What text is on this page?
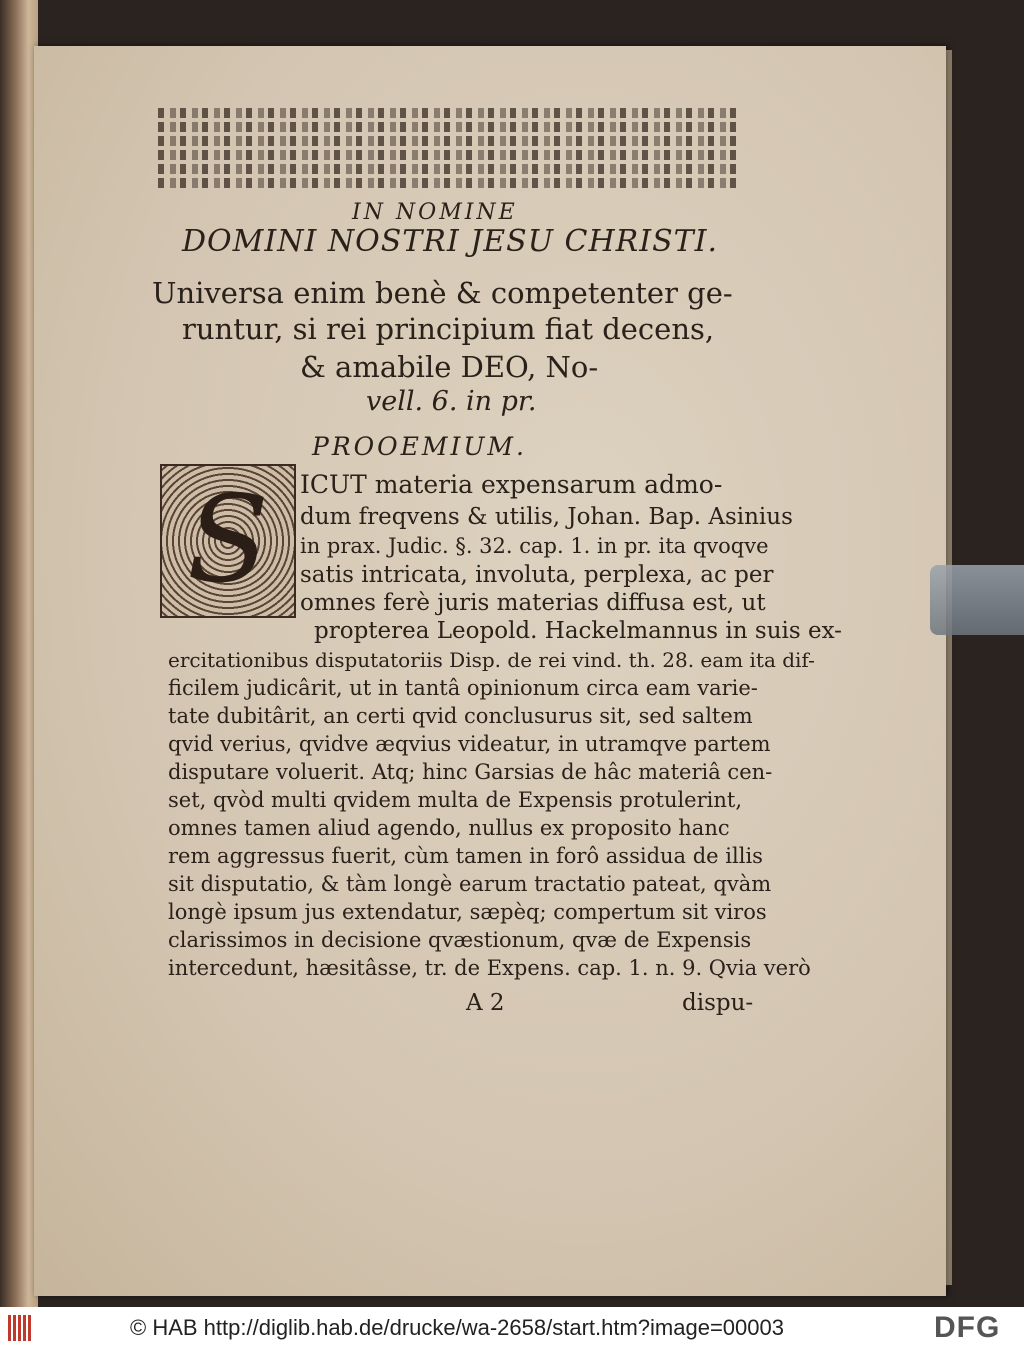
IN NOMINE
DOMINI NOSTRI JESU CHRISTI.
Universa enim benè & competenter ge-
runtur, si rei principium fiat decens,
& amabile DEO, No-
vell. 6. in pr.
PROOEMIUM.
S ICUT materia expensarum admo-
dum freqvens & utilis, Johan. Bap. Asinius
in prax. Judic. §. 32. cap. 1. in pr. ita qvoqve
satis intricata, involuta, perplexa, ac per
omnes ferè juris materias diffusa est, ut
propterea Leopold. Hackelmannus in suis ex-
ercitationibus disputatoriis Disp. de rei vind. th. 28. eam ita dif-
ficilem judicârit, ut in tantâ opinionum circa eam varie-
tate dubitârit, an certi qvid conclusurus sit, sed saltem
qvid verius, qvidve æqvius videatur, in utramqve partem
disputare voluerit. Atq; hinc Garsias de hâc materiâ cen-
set, qvòd multi qvidem multa de Expensis protulerint,
omnes tamen aliud agendo, nullus ex proposito hanc
rem aggressus fuerit, cùm tamen in forô assidua de illis
sit disputatio, & tàm longè earum tractatio pateat, qvàm
longè ipsum jus extendatur, sæpèq; compertum sit viros
clarissimos in decisione qvæstionum, qvæ de Expensis
intercedunt, hæsitâsse, tr. de Expens. cap. 1. n. 9. Qvia verò
A 2	dispu-
© HAB http://diglib.hab.de/drucke/wa-2658/start.htm?image=00003	DFG
